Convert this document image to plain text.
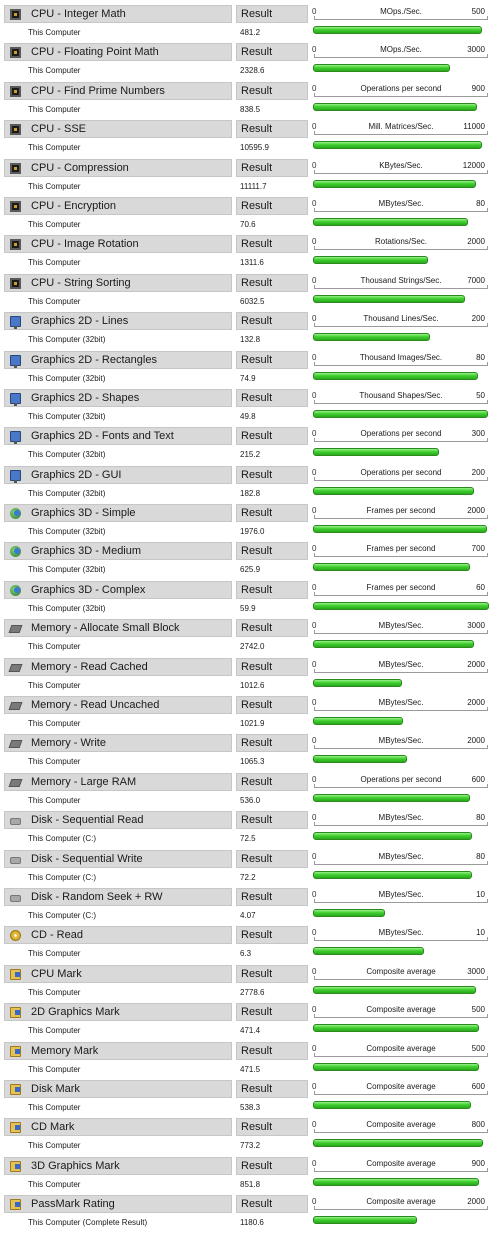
CPU - Integer Math	Result
This Computer	481.2
0	MOps./Sec.	500
CPU - Floating Point Math	Result
This Computer	2328.6
0	MOps./Sec.	3000
CPU - Find Prime Numbers	Result
This Computer	838.5
0	Operations per second	900
CPU - SSE	Result
This Computer	10595.9
0	Mill. Matrices/Sec.	11000
CPU - Compression	Result
This Computer	11111.7
0	KBytes/Sec.	12000
CPU - Encryption	Result
This Computer	70.6
0	MBytes/Sec.	80
CPU - Image Rotation	Result
This Computer	1311.6
0	Rotations/Sec.	2000
CPU - String Sorting	Result
This Computer	6032.5
0	Thousand Strings/Sec.	7000
Graphics 2D - Lines	Result
This Computer (32bit)	132.8
0	Thousand Lines/Sec.	200
Graphics 2D - Rectangles	Result
This Computer (32bit)	74.9
0	Thousand Images/Sec.	80
Graphics 2D - Shapes	Result
This Computer (32bit)	49.8
0	Thousand Shapes/Sec.	50
Graphics 2D - Fonts and Text	Result
This Computer (32bit)	215.2
0	Operations per second	300
Graphics 2D - GUI	Result
This Computer (32bit)	182.8
0	Operations per second	200
Graphics 3D - Simple	Result
This Computer (32bit)	1976.0
0	Frames per second	2000
Graphics 3D - Medium	Result
This Computer (32bit)	625.9
0	Frames per second	700
Graphics 3D - Complex	Result
This Computer (32bit)	59.9
0	Frames per second	60
Memory - Allocate Small Block	Result
This Computer	2742.0
0	MBytes/Sec.	3000
Memory - Read Cached	Result
This Computer	1012.6
0	MBytes/Sec.	2000
Memory - Read Uncached	Result
This Computer	1021.9
0	MBytes/Sec.	2000
Memory - Write	Result
This Computer	1065.3
0	MBytes/Sec.	2000
Memory - Large RAM	Result
This Computer	536.0
0	Operations per second	600
Disk - Sequential Read	Result
This Computer (C:)	72.5
0	MBytes/Sec.	80
Disk - Sequential Write	Result
This Computer (C:)	72.2
0	MBytes/Sec.	80
Disk - Random Seek + RW	Result
This Computer (C:)	4.07
0	MBytes/Sec.	10
CD - Read	Result
This Computer	6.3
0	MBytes/Sec.	10
CPU Mark	Result
This Computer	2778.6
0	Composite average	3000
2D Graphics Mark	Result
This Computer	471.4
0	Composite average	500
Memory Mark	Result
This Computer	471.5
0	Composite average	500
Disk Mark	Result
This Computer	538.3
0	Composite average	600
CD Mark	Result
This Computer	773.2
0	Composite average	800
3D Graphics Mark	Result
This Computer	851.8
0	Composite average	900
PassMark Rating	Result
This Computer (Complete Result)	1180.6
0	Composite average	2000
